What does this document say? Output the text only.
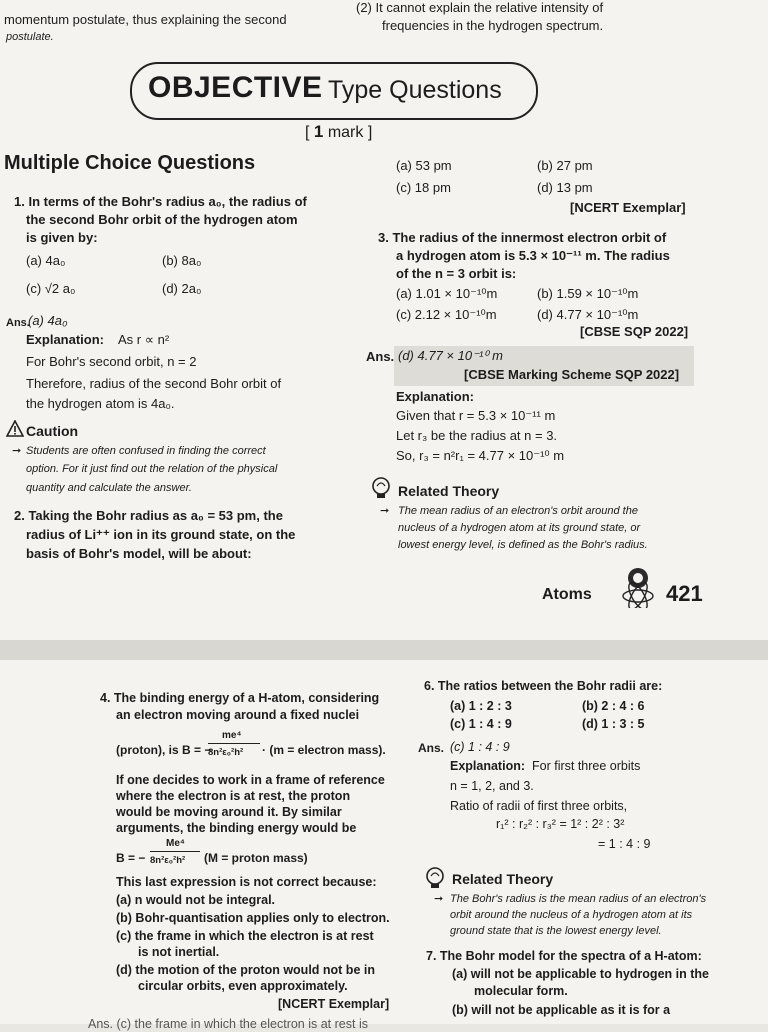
momentum postulate, thus explaining the second
postulate.
(2) It cannot explain the relative intensity of
frequencies in the hydrogen spectrum.
OBJECTIVE Type Questions
[ 1 mark ]
Multiple Choice Questions
1. In terms of the Bohr's radius a₀, the radius of
the second Bohr orbit of the hydrogen atom
is given by:
(a) 4a₀	(b) 8a₀
(c) √2 a₀	(d) 2a₀
Ans.
(a) 4a₀
Explanation: As r ∝ n²
For Bohr's second orbit, n = 2
Therefore, radius of the second Bohr orbit of
the hydrogen atom is 4a₀.
Caution
➞ Students are often confused in finding the correct
option. For it just find out the relation of the physical
quantity and calculate the answer.
2. Taking the Bohr radius as a₀ = 53 pm, the
radius of Li⁺⁺ ion in its ground state, on the
basis of Bohr's model, will be about:
(a) 53 pm	(b) 27 pm
(c) 18 pm	(d) 13 pm
[NCERT Exemplar]
3. The radius of the innermost electron orbit of
a hydrogen atom is 5.3 × 10⁻¹¹ m. The radius
of the n = 3 orbit is:
(a) 1.01 × 10⁻¹⁰m	(b) 1.59 × 10⁻¹⁰m
(c) 2.12 × 10⁻¹⁰m	(d) 4.77 × 10⁻¹⁰m
[CBSE SQP 2022]
Ans. (d) 4.77 × 10⁻¹⁰ m
[CBSE Marking Scheme SQP 2022]
Explanation:
Given that r = 5.3 × 10⁻¹¹ m
Let r₃ be the radius at n = 3.
So, r₃ = n²r₁ = 4.77 × 10⁻¹⁰ m
Related Theory
➞ The mean radius of an electron's orbit around the
nucleus of a hydrogen atom at its ground state, or
lowest energy level, is defined as the Bohr's radius.
Atoms	421
4. The binding energy of a H-atom, considering
an electron moving around a fixed nuclei
(proton), is B = −
me⁴
8n²ε₀²h² · (m = electron mass).
If one decides to work in a frame of reference
where the electron is at rest, the proton
would be moving around it. By similar
arguments, the binding energy would be
B = −
Me⁴
8n²ε₀²h² (M = proton mass)
This last expression is not correct because:
(a) n would not be integral.
(b) Bohr-quantisation applies only to electron.
(c) the frame in which the electron is at rest
is not inertial.
(d) the motion of the proton would not be in
circular orbits, even approximately.
[NCERT Exemplar]
Ans. (c) the frame in which the electron is at rest is
6. The ratios between the Bohr radii are:
(a) 1 : 2 : 3	(b) 2 : 4 : 6
(c) 1 : 4 : 9	(d) 1 : 3 : 5
Ans. (c) 1 : 4 : 9
Explanation: For first three orbits
n = 1, 2, and 3.
Ratio of radii of first three orbits,
r₁² : r₂² : r₃² = 1² : 2² : 3²
= 1 : 4 : 9
Related Theory
➞ The Bohr's radius is the mean radius of an electron's
orbit around the nucleus of a hydrogen atom at its
ground state that is the lowest energy level.
7. The Bohr model for the spectra of a H-atom:
(a) will not be applicable to hydrogen in the
molecular form.
(b) will not be applicable as it is for a
